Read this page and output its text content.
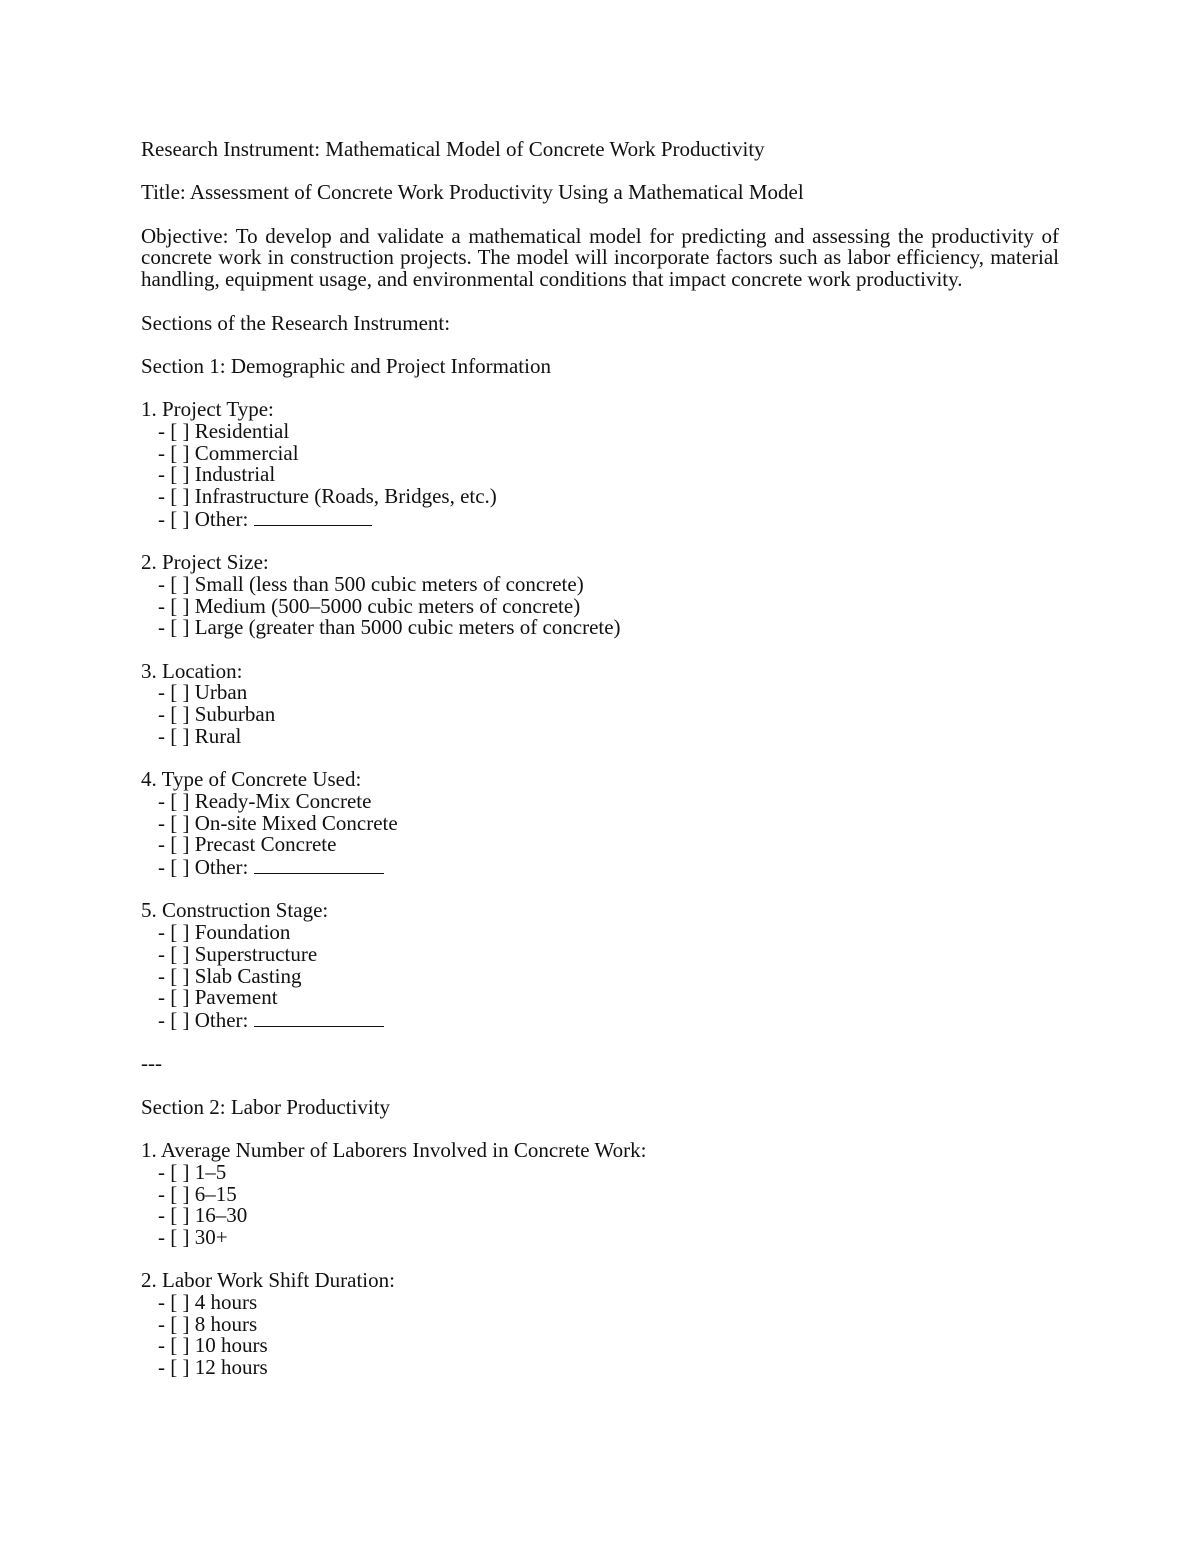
Research Instrument: Mathematical Model of Concrete Work Productivity

Title: Assessment of Concrete Work Productivity Using a Mathematical Model

Objective: To develop and validate a mathematical model for predicting and assessing the productivity of concrete work in construction projects. The model will incorporate factors such as labor efficiency, material handling, equipment usage, and environmental conditions that impact concrete work productivity.

Sections of the Research Instrument:

Section 1: Demographic and Project Information

1. Project Type:
- [ ] Residential
- [ ] Commercial
- [ ] Industrial
- [ ] Infrastructure (Roads, Bridges, etc.)
- [ ] Other:
2. Project Size:
- [ ] Small (less than 500 cubic meters of concrete)
- [ ] Medium (500–5000 cubic meters of concrete)
- [ ] Large (greater than 5000 cubic meters of concrete)
3. Location:
- [ ] Urban
- [ ] Suburban
- [ ] Rural
4. Type of Concrete Used:
- [ ] Ready-Mix Concrete
- [ ] On-site Mixed Concrete
- [ ] Precast Concrete
- [ ] Other:
5. Construction Stage:
- [ ] Foundation
- [ ] Superstructure
- [ ] Slab Casting
- [ ] Pavement
- [ ] Other:

---

Section 2: Labor Productivity

1. Average Number of Laborers Involved in Concrete Work:
- [ ] 1–5
- [ ] 6–15
- [ ] 16–30
- [ ] 30+
2. Labor Work Shift Duration:
- [ ] 4 hours
- [ ] 8 hours
- [ ] 10 hours
- [ ] 12 hours
